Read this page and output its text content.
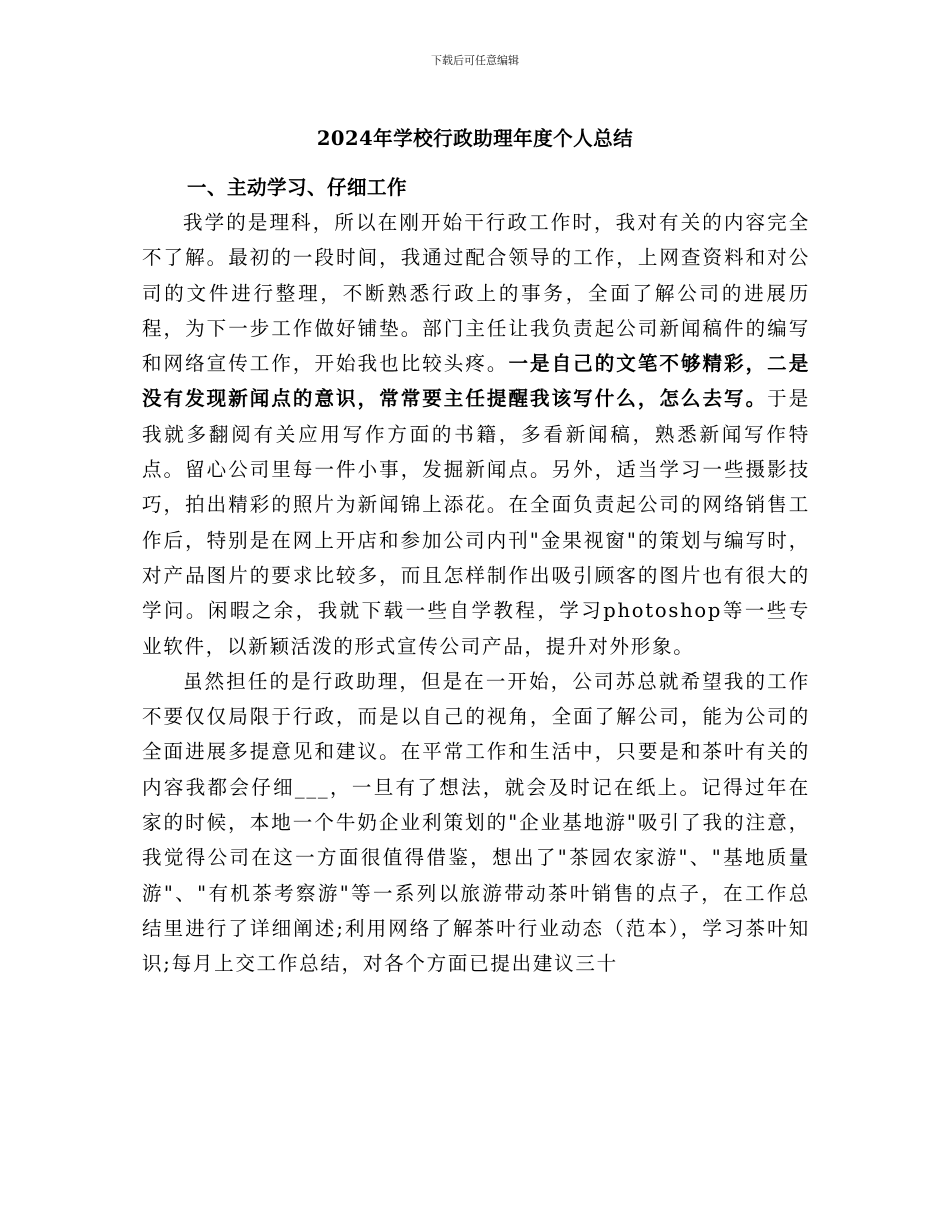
下载后可任意编辑
2024年学校行政助理年度个人总结
一、主动学习、仔细工作

我学的是理科，所以在刚开始干行政工作时，我对有关的内容完全不了解。最初的一段时间，我通过配合领导的工作，上网查资料和对公司的文件进行整理，不断熟悉行政上的事务，全面了解公司的进展历程，为下一步工作做好铺垫。部门主任让我负责起公司新闻稿件的编写和网络宣传工作，开始我也比较头疼。一是自己的文笔不够精彩，二是没有发现新闻点的意识，常常要主任提醒我该写什么，怎么去写。于是我就多翻阅有关应用写作方面的书籍，多看新闻稿，熟悉新闻写作特点。留心公司里每一件小事，发掘新闻点。另外，适当学习一些摄影技巧，拍出精彩的照片为新闻锦上添花。在全面负责起公司的网络销售工作后，特别是在网上开店和参加公司内刊"金果视窗"的策划与编写时，对产品图片的要求比较多，而且怎样制作出吸引顾客的图片也有很大的学问。闲暇之余，我就下载一些自学教程，学习photoshop等一些专业软件，以新颖活泼的形式宣传公司产品，提升对外形象。

虽然担任的是行政助理，但是在一开始，公司苏总就希望我的工作不要仅仅局限于行政，而是以自己的视角，全面了解公司，能为公司的全面进展多提意见和建议。在平常工作和生活中，只要是和茶叶有关的内容我都会仔细___，一旦有了想法，就会及时记在纸上。记得过年在家的时候，本地一个牛奶企业利策划的"企业基地游"吸引了我的注意，我觉得公司在这一方面很值得借鉴，想出了"茶园农家游"、"基地质量游"、"有机茶考察游"等一系列以旅游带动茶叶销售的点子，在工作总结里进行了详细阐述;利用网络了解茶叶行业动态（范本），学习茶叶知识;每月上交工作总结，对各个方面已提出建议三十
